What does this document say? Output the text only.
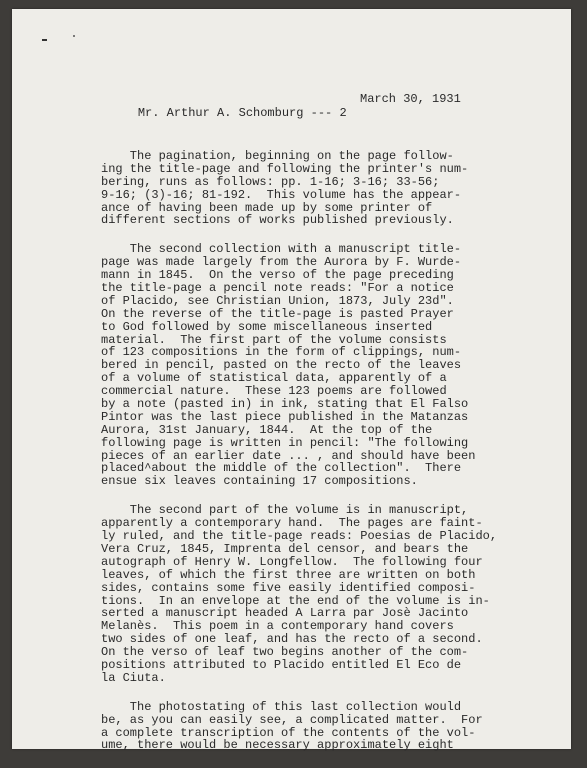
Mr. Arthur A. Schomburg --- 2

March 30, 1931

The pagination, beginning on the page follow-
ing the title-page and following the printer's num-
bering, runs as follows: pp. 1-16; 3-16; 33-56;
9-16; (3)-16; 81-192.  This volume has the appear-
ance of having been made up by some printer of
different sections of works published previously.
The second collection with a manuscript title-
page was made largely from the Aurora by F. Wurde-
mann in 1845.  On the verso of the page preceding
the title-page a pencil note reads: "For a notice
of Placido, see Christian Union, 1873, July 23d".
On the reverse of the title-page is pasted Prayer
to God followed by some miscellaneous inserted
material.  The first part of the volume consists
of 123 compositions in the form of clippings, num-
bered in pencil, pasted on the recto of the leaves
of a volume of statistical data, apparently of a
commercial nature.  These 123 poems are followed
by a note (pasted in) in ink, stating that El Falso
Pintor was the last piece published in the Matanzas
Aurora, 31st January, 1844.  At the top of the
following page is written in pencil: "The following
pieces of an earlier date ... , and should have been
placed^about the middle of the collection".  There
ensue six leaves containing 17 compositions.
The second part of the volume is in manuscript,
apparently a contemporary hand.  The pages are faint-
ly ruled, and the title-page reads: Poesias de Placido,
Vera Cruz, 1845, Imprenta del censor, and bears the
autograph of Henry W. Longfellow.  The following four
leaves, of which the first three are written on both
sides, contains some five easily identified composi-
tions.  In an envelope at the end of the volume is in-
serted a manuscript headed A Larra par Josè Jacinto
Melanès.  This poem in a contemporary hand covers
two sides of one leaf, and has the recto of a second.
On the verso of leaf two begins another of the com-
positions attributed to Placido entitled El Eco de
la Ciuta.
The photostating of this last collection would
be, as you can easily see, a complicated matter.  For
a complete transcription of the contents of the vol-
ume, there would be necessary approximately eight
